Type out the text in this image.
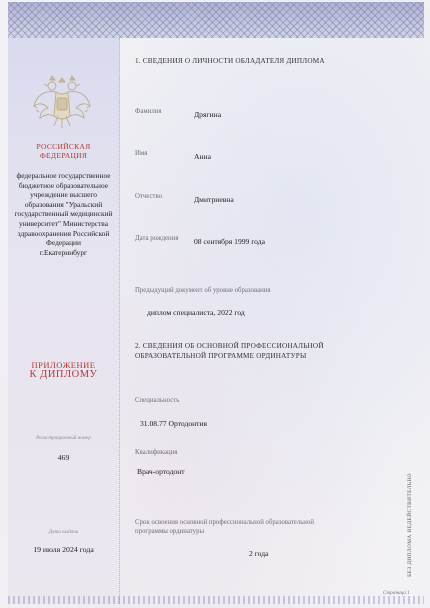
РОССИЙСКАЯ
ФЕДЕРАЦИЯ
федеральное государственное
бюджетное образовательное
учреждение высшего
образования "Уральский
государственный медицинский
университет" Министерства
здравоохранения Российской
Федерации
г.Екатеринбург
ПРИЛОЖЕНИЕ
К ДИПЛОМУ
Регистрационный номер
469
Дата выдачи
19 июля 2024 года
1. СВЕДЕНИЯ О ЛИЧНОСТИ ОБЛАДАТЕЛЯ ДИПЛОМА
Фамилия	Дрягина
Имя	Анна
Отчество	Дмитриевна
Дата рождения 08 сентября 1999 года
Предыдущий документ об уровне образования
диплом специалиста, 2022 год
2. СВЕДЕНИЯ ОБ ОСНОВНОЙ ПРОФЕССИОНАЛЬНОЙ
ОБРАЗОВАТЕЛЬНОЙ ПРОГРАММЕ ОРДИНАТУРЫ
Специальность
31.08.77 Ортодонтия
Квалификация
Врач-ортодонт
Срок освоения основной профессиональной образовательной
программы ординатуры
2 года	БЕЗ ДИПЛОМА НЕДЕЙСТВИТЕЛЬНО
Страница 1
